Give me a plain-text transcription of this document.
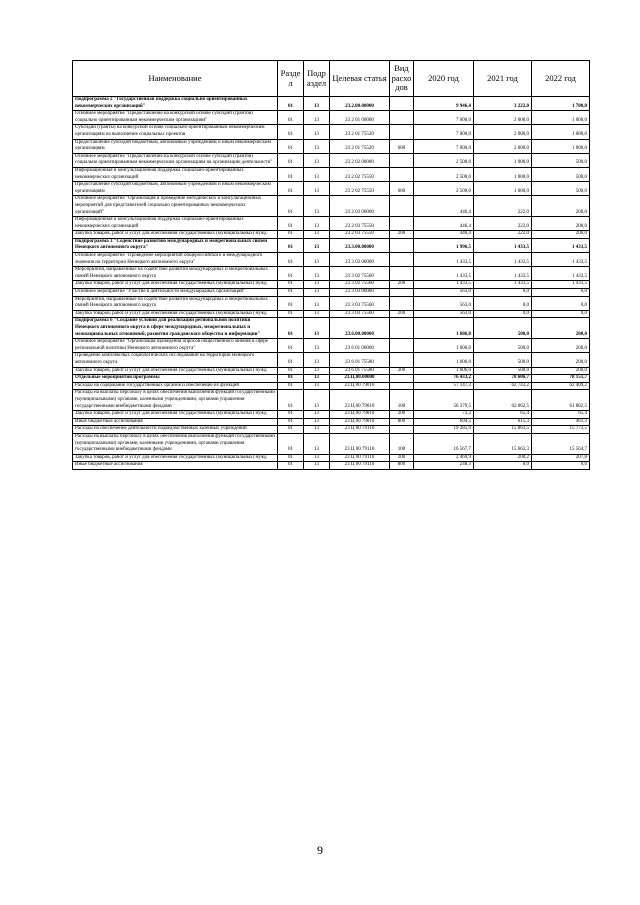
Наименование	Разде л	Подр аздел	Целевая статья	Вид расхо дов	2020 год	2021 год	2022 год
Подпрограмма 2 "Государственная поддержка социально ориентированных некоммерческих организаций"	01	13	23.2.00.00000		9 946,4	3 222,0	1 700,0
Основное мероприятие "Предоставление на конкурсной основе субсидий (грантов) социально ориентированным некоммерческим организациям"	01	13	23 2 01 00000		7 000,0	2 000,0	1 000,0
Субсидии (гранты) на конкурсной основе социально-ориентированным некоммерческим организациям на выполнение социальных проектов	01	13	23 2 01 75520		7 000,0	2 000,0	1 000,0
Предоставление субсидий бюджетным, автономным учреждениям и иным некоммерческим организациям	01	13	23 2 01 75520	600	7 000,0	2 000,0	1 000,0
Основное мероприятие "Предоставление на конкурсной основе субсидий (грантов) социально ориентированным некоммерческим организациям на организацию деятельности"	01	13	23 2 02 00000		2 500,0	1 000,0	500,0
Информационная и консультационная поддержка социально-ориентированных некоммерческих организаций	01	13	23 2 02 75550		2 500,0	1 000,0	500,0
Предоставление субсидий бюджетным, автономным учреждениям и иным некоммерческим организациям	01	13	23 2 02 75550	600	2 500,0	1 000,0	500,0
Основное мероприятие "Организация и проведение методических и консультационных мероприятий для представителей социально ориентированных некоммерческих организаций"	01	13	23 2 03 00000		446,4	222,0	200,0
Информационная и консультационная поддержка социально-ориентированных некоммерческих организаций	01	13	23 2 03 75550		446,4	222,0	200,0
Закупка товаров, работ и услуг для обеспечения государственных (муниципальных) нужд	01	13	23 2 03 75550	200	446,4	222,0	200,0
Подпрограмма 3 "Содействие развитию международных и межрегиональных связей Ненецкого автономного округа"	01	13	23.3.00.00000		1 996,5	1 433,5	1 433,5
Основное мероприятие "Проведение мероприятий общероссийского и международного значения на территории Ненецкого автономного округа"	01	13	23 3 02 00000		1 433,5	1 433,5	1 433,5
Мероприятия, направленные на содействие развития международных и межрегиональных связей Ненецкого автономного округа	01	13	23 3 02 75560		1 433,5	1 433,5	1 433,5
Закупка товаров, работ и услуг для обеспечения государственных (муниципальных) нужд	01	13	23 3 02 75560	200	1 433,5	1 433,5	1 433,5
Основное мероприятие "Участие в деятельности международных организаций"	01	13	23 3 03 00000		563,0	0,0	0,0
Мероприятия, направленные на содействие развития международных и межрегиональных связей Ненецкого автономного округа	01	13	23 3 03 75560		563,0	0,0	0,0
Закупка товаров, работ и услуг для обеспечения государственных (муниципальных) нужд	01	13	23 3 03 75560	200	563,0	0,0	0,0
Подпрограмма 6 "Создание условий для реализации региональной политики Ненецкого автономного округа в сфере международных, межрегиональных и межнациональных отношений, развития гражданского общества и информации"	01	13	23.6.00.00000		1 606,0	500,0	200,0
Основное мероприятие "Организация проведения опросов общественного мнения в сфере региональной политики Ненецкого автономного округа"	01	13	23 6 01 00000		1 606,0	500,0	200,0
Проведение комплексных социологических исследований на территории Ненецкого автономного округа	01	13	23 6 01 75580		1 606,0	500,0	200,0
Закупка товаров, работ и услуг для обеспечения государственных (муниципальных) нужд	01	13	23 6 01 75580	200	1 606,0	500,0	200,0
Отдельные мероприятия программы	01	13	23.Ц.00.00000		76 433,2	78 606,7	78 151,7
Расходы на содержание государственных органов и обеспечение их функций	01	13	23 Ц 00 79010		57 147,3	62 743,2	62 409,2
Расходы на выплаты персоналу в целях обеспечения выполнения функций государственными (муниципальными) органами, казенными учреждениями, органами управления государственными внебюджетными фондами	01	13	23 Ц 00 79010	100	56 379,5	62 062,5	61 882,5
Закупка товаров, работ и услуг для обеспечения государственных (муниципальных) нужд	01	13	23 Ц 00 79010	200	73,3	65,4	65,4
Иные бюджетные ассигнования	01	13	23 Ц 00 79010	800	694,5	615,3	461,3
Расходы на обеспечение деятельности подведомственных казенных учреждений	01	13	23 Ц 00 79110		19 285,9	15 863,5	15 772,5
Расходы на выплаты персоналу в целях обеспечения выполнения функций государственными (муниципальными) органами, казенными учреждениями, органами управления государственными внебюджетными фондами	01	13	23 Ц 00 79110	100	16 567,7	15 663,3	15 564,7
Закупка товаров, работ и услуг для обеспечения государственных (муниципальных) нужд	01	13	23 Ц 00 79110	200	2 469,9	200,2	207,8
Иные бюджетные ассигнования	01	13	23 Ц 00 79110	800	248,3	0,0	0,0
9
